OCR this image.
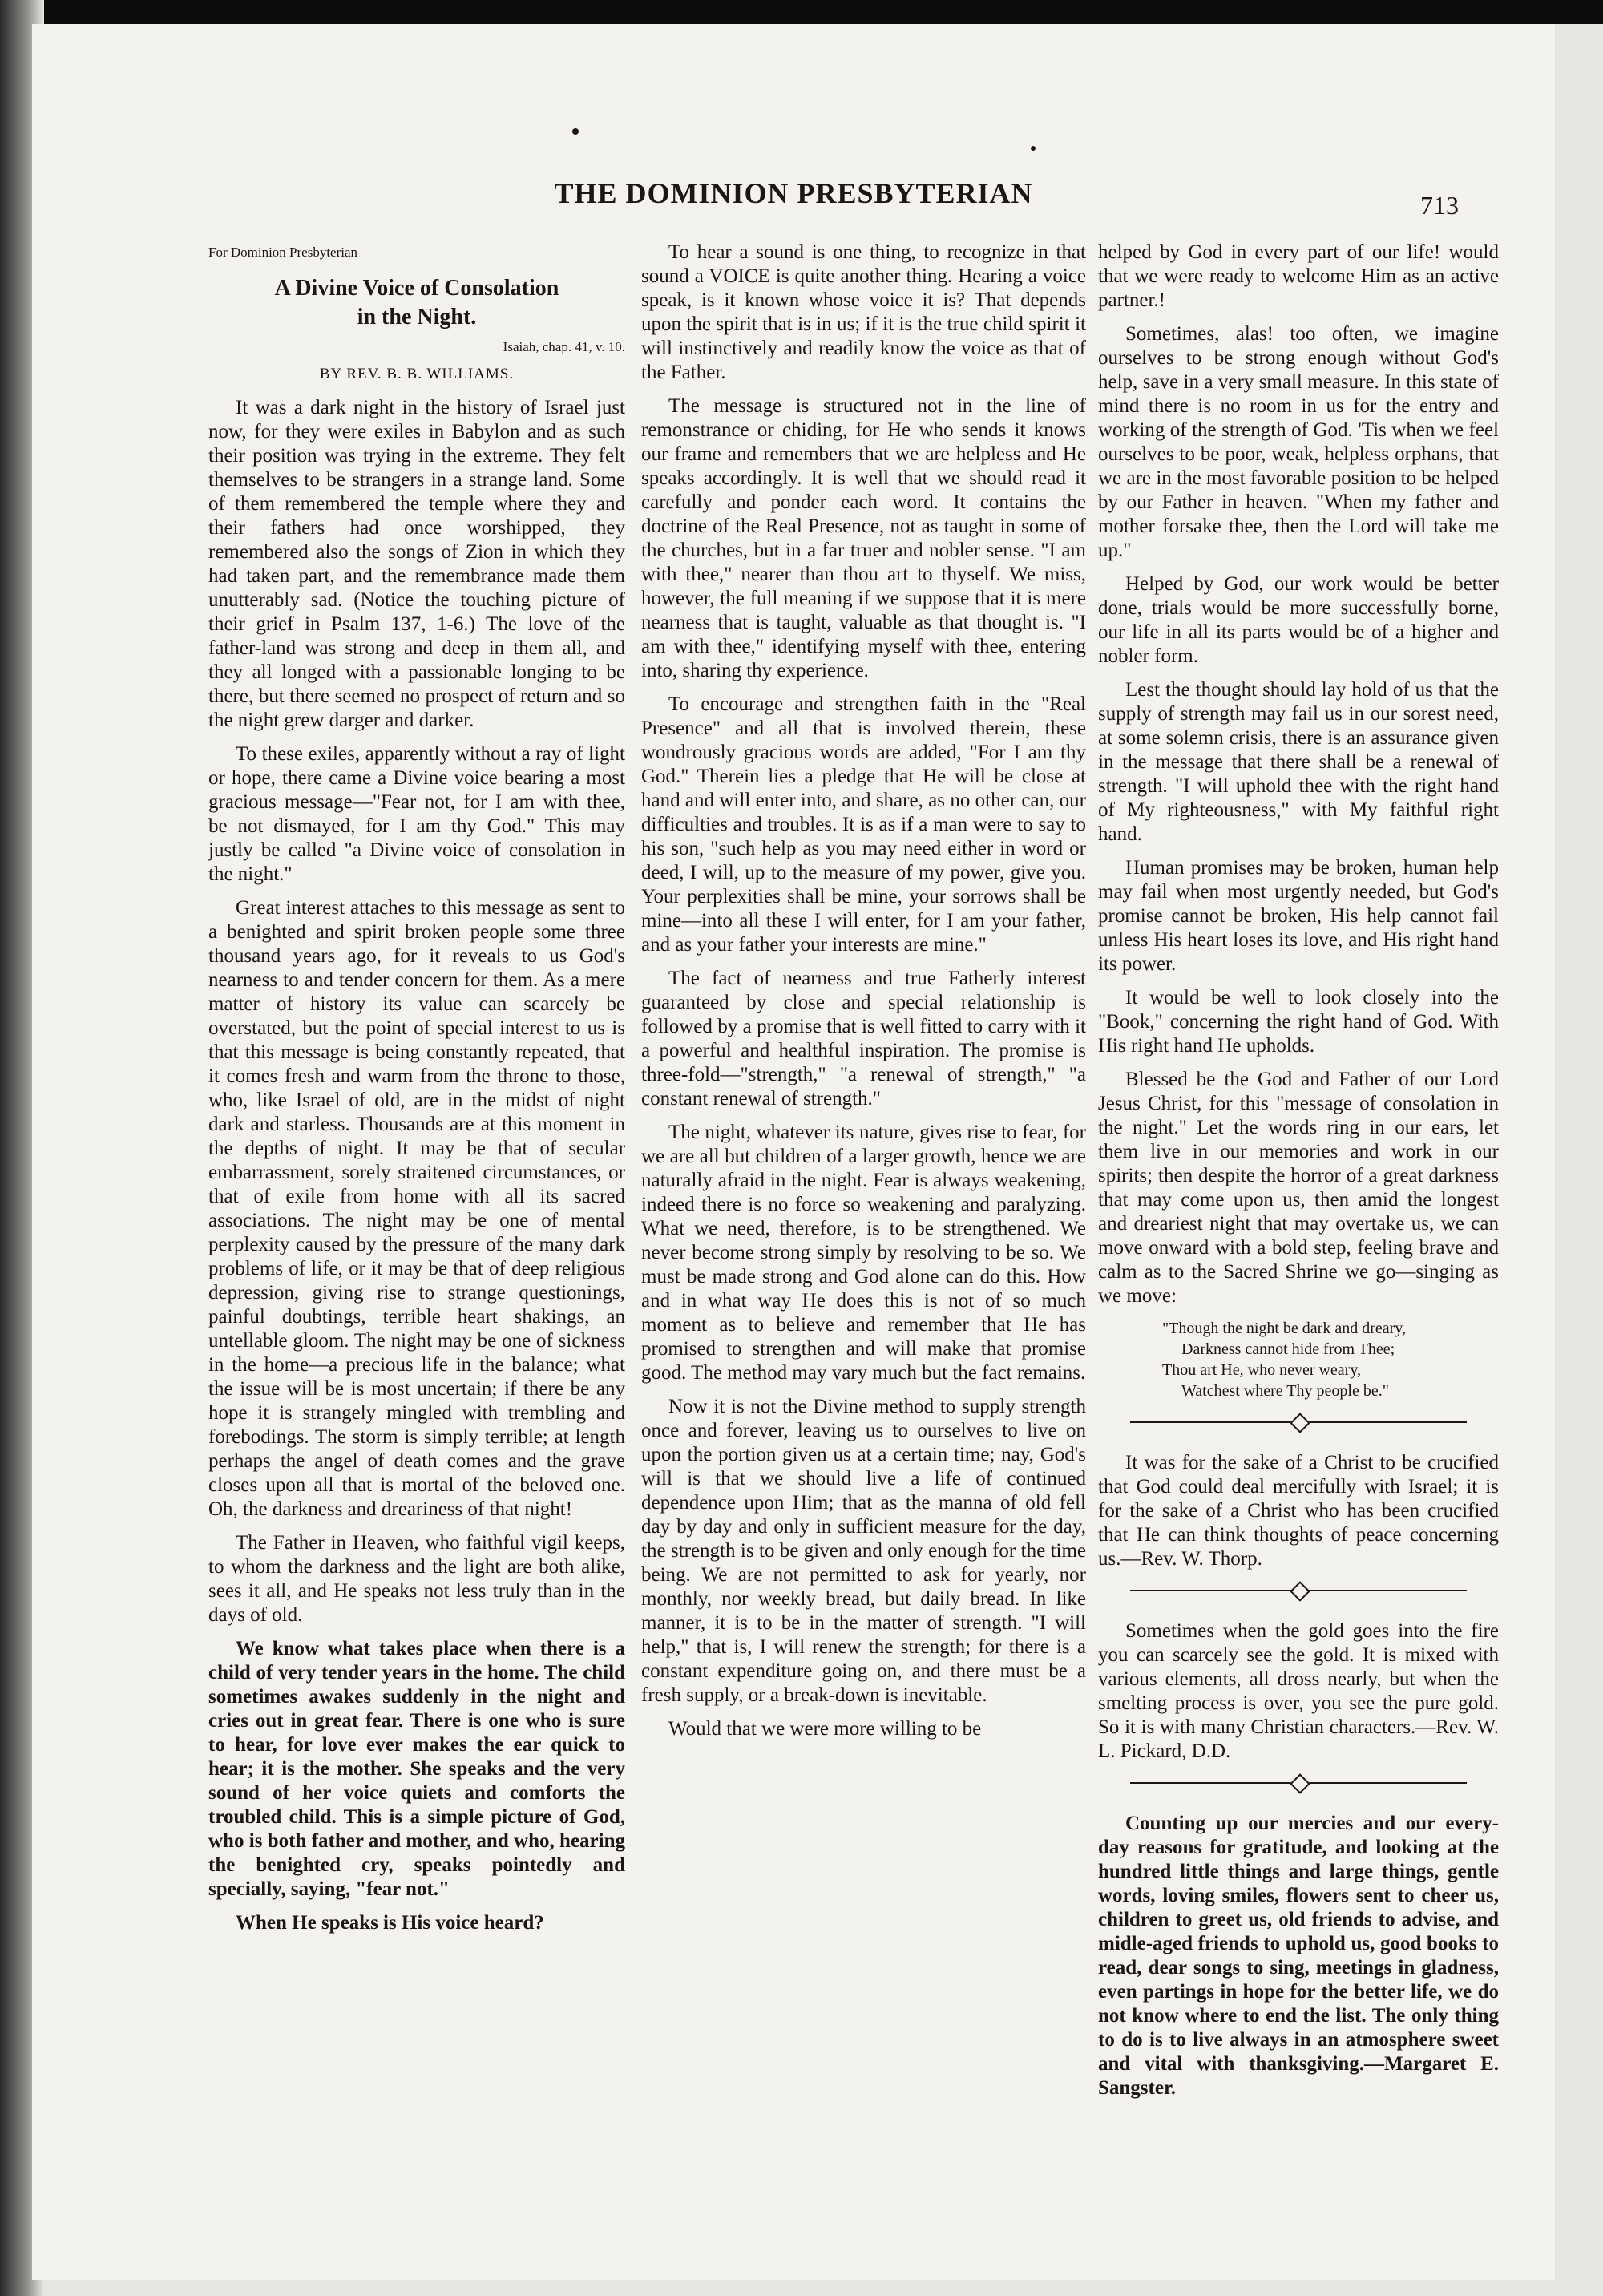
THE DOMINION PRESBYTERIAN	713

For Dominion Presbyterian

A Divine Voice of Consolation
in the Night.
Isaiah, chap. 41, v. 10.
BY REV. B. B. WILLIAMS.

It was a dark night in the history of Israel just now, for they were exiles in Babylon and as such their position was trying in the extreme. They felt themselves to be strangers in a strange land. Some of them remembered the temple where they and their fathers had once worshipped, they remembered also the songs of Zion in which they had taken part, and the remembrance made them unutterably sad. (Notice the touching picture of their grief in Psalm 137, 1-6.) The love of the father-land was strong and deep in them all, and they all longed with a passionable longing to be there, but there seemed no prospect of return and so the night grew darger and darker.

To these exiles, apparently without a ray of light or hope, there came a Divine voice bearing a most gracious message—"Fear not, for I am with thee, be not dismayed, for I am thy God." This may justly be called "a Divine voice of consolation in the night."

Great interest attaches to this message as sent to a benighted and spirit broken people some three thousand years ago, for it reveals to us God's nearness to and tender concern for them. As a mere matter of history its value can scarcely be overstated, but the point of special interest to us is that this message is being constantly repeated, that it comes fresh and warm from the throne to those, who, like Israel of old, are in the midst of night dark and starless. Thousands are at this moment in the depths of night. It may be that of secular embarrassment, sorely straitened circumstances, or that of exile from home with all its sacred associations. The night may be one of mental perplexity caused by the pressure of the many dark problems of life, or it may be that of deep religious depression, giving rise to strange questionings, painful doubtings, terrible heart shakings, an untellable gloom. The night may be one of sickness in the home—a precious life in the balance; what the issue will be is most uncertain; if there be any hope it is strangely mingled with trembling and forebodings. The storm is simply terrible; at length perhaps the angel of death comes and the grave closes upon all that is mortal of the beloved one. Oh, the darkness and dreariness of that night!

The Father in Heaven, who faithful vigil keeps, to whom the darkness and the light are both alike, sees it all, and He speaks not less truly than in the days of old.

We know what takes place when there is a child of very tender years in the home. The child sometimes awakes suddenly in the night and cries out in great fear. There is one who is sure to hear, for love ever makes the ear quick to hear; it is the mother. She speaks and the very sound of her voice quiets and comforts the troubled child. This is a simple picture of God, who is both father and mother, and who, hearing the benighted cry, speaks pointedly and specially, saying, "fear not."

When He speaks is His voice heard?

To hear a sound is one thing, to recognize in that sound a VOICE is quite another thing. Hearing a voice speak, is it known whose voice it is? That depends upon the spirit that is in us; if it is the true child spirit it will instinctively and readily know the voice as that of the Father.

The message is structured not in the line of remonstrance or chiding, for He who sends it knows our frame and remembers that we are helpless and He speaks accordingly. It is well that we should read it carefully and ponder each word. It contains the doctrine of the Real Presence, not as taught in some of the churches, but in a far truer and nobler sense. "I am with thee," nearer than thou art to thyself. We miss, however, the full meaning if we suppose that it is mere nearness that is taught, valuable as that thought is. "I am with thee," identifying myself with thee, entering into, sharing thy experience.

To encourage and strengthen faith in the "Real Presence" and all that is involved therein, these wondrously gracious words are added, "For I am thy God." Therein lies a pledge that He will be close at hand and will enter into, and share, as no other can, our difficulties and troubles. It is as if a man were to say to his son, "such help as you may need either in word or deed, I will, up to the measure of my power, give you. Your perplexities shall be mine, your sorrows shall be mine—into all these I will enter, for I am your father, and as your father your interests are mine."

The fact of nearness and true Fatherly interest guaranteed by close and special relationship is followed by a promise that is well fitted to carry with it a powerful and healthful inspiration. The promise is three-fold—"strength," "a renewal of strength," "a constant renewal of strength."

The night, whatever its nature, gives rise to fear, for we are all but children of a larger growth, hence we are naturally afraid in the night. Fear is always weakening, indeed there is no force so weakening and paralyzing. What we need, therefore, is to be strengthened. We never become strong simply by resolving to be so. We must be made strong and God alone can do this. How and in what way He does this is not of so much moment as to believe and remember that He has promised to strengthen and will make that promise good. The method may vary much but the fact remains.

Now it is not the Divine method to supply strength once and forever, leaving us to ourselves to live on upon the portion given us at a certain time; nay, God's will is that we should live a life of continued dependence upon Him; that as the manna of old fell day by day and only in sufficient measure for the day, the strength is to be given and only enough for the time being. We are not permitted to ask for yearly, nor monthly, nor weekly bread, but daily bread. In like manner, it is to be in the matter of strength. "I will help," that is, I will renew the strength; for there is a constant expenditure going on, and there must be a fresh supply, or a break-down is inevitable.

Would that we were more willing to be

helped by God in every part of our life! would that we were ready to welcome Him as an active partner.!

Sometimes, alas! too often, we imagine ourselves to be strong enough without God's help, save in a very small measure. In this state of mind there is no room in us for the entry and working of the strength of God. 'Tis when we feel ourselves to be poor, weak, helpless orphans, that we are in the most favorable position to be helped by our Father in heaven. "When my father and mother forsake thee, then the Lord will take me up."

Helped by God, our work would be better done, trials would be more successfully borne, our life in all its parts would be of a higher and nobler form.

Lest the thought should lay hold of us that the supply of strength may fail us in our sorest need, at some solemn crisis, there is an assurance given in the message that there shall be a renewal of strength. "I will uphold thee with the right hand of My righteousness," with My faithful right hand.

Human promises may be broken, human help may fail when most urgently needed, but God's promise cannot be broken, His help cannot fail unless His heart loses its love, and His right hand its power.

It would be well to look closely into the "Book," concerning the right hand of God. With His right hand He upholds.

Blessed be the God and Father of our Lord Jesus Christ, for this "message of consolation in the night." Let the words ring in our ears, let them live in our memories and work in our spirits; then despite the horror of a great darkness that may come upon us, then amid the longest and dreariest night that may overtake us, we can move onward with a bold step, feeling brave and calm as to the Sacred Shrine we go—singing as we move:

"Though the night be dark and dreary,
Darkness cannot hide from Thee;
Thou art He, who never weary,
Watchest where Thy people be."

It was for the sake of a Christ to be crucified that God could deal mercifully with Israel; it is for the sake of a Christ who has been crucified that He can think thoughts of peace concerning us.—Rev. W. Thorp.

Sometimes when the gold goes into the fire you can scarcely see the gold. It is mixed with various elements, all dross nearly, but when the smelting process is over, you see the pure gold. So it is with many Christian characters.—Rev. W. L. Pickard, D.D.

Counting up our mercies and our every-day reasons for gratitude, and looking at the hundred little things and large things, gentle words, loving smiles, flowers sent to cheer us, children to greet us, old friends to advise, and midle-aged friends to uphold us, good books to read, dear songs to sing, meetings in gladness, even partings in hope for the better life, we do not know where to end the list. The only thing to do is to live always in an atmosphere sweet and vital with thanksgiving.—Margaret E. Sangster.
